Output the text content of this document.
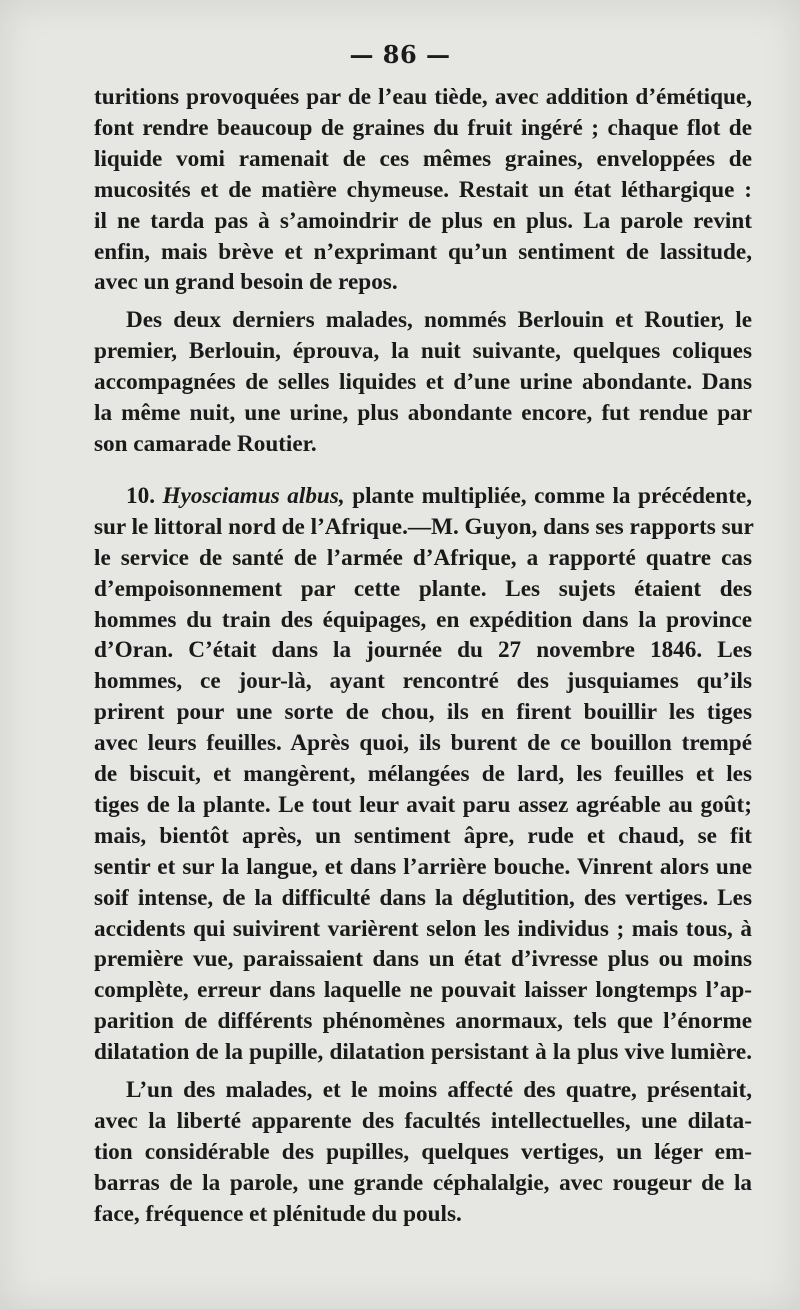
— 86 —
turitions provoquées par de l’eau tiède, avec addition d’émétique,
font rendre beaucoup de graines du fruit ingéré ; chaque flot de
liquide vomi ramenait de ces mêmes graines, enveloppées de
mucosités et de matière chymeuse. Restait un état léthargique :
il ne tarda pas à s’amoindrir de plus en plus. La parole revint
enfin, mais brève et n’exprimant qu’un sentiment de lassitude,
avec un grand besoin de repos.
Des deux derniers malades, nommés Berlouin et Routier, le
premier, Berlouin, éprouva, la nuit suivante, quelques coliques
accompagnées de selles liquides et d’une urine abondante. Dans
la même nuit, une urine, plus abondante encore, fut rendue par
son camarade Routier.
10. Hyosciamus albus, plante multipliée, comme la précédente,
sur le littoral nord de l’Afrique.—M. Guyon, dans ses rapports sur
le service de santé de l’armée d’Afrique, a rapporté quatre cas
d’empoisonnement par cette plante. Les sujets étaient des
hommes du train des équipages, en expédition dans la province
d’Oran. C’était dans la journée du 27 novembre 1846. Les
hommes, ce jour-là, ayant rencontré des jusquiames qu’ils
prirent pour une sorte de chou, ils en firent bouillir les tiges
avec leurs feuilles. Après quoi, ils burent de ce bouillon trempé
de biscuit, et mangèrent, mélangées de lard, les feuilles et les
tiges de la plante. Le tout leur avait paru assez agréable au goût;
mais, bientôt après, un sentiment âpre, rude et chaud, se fit
sentir et sur la langue, et dans l’arrière bouche. Vinrent alors une
soif intense, de la difficulté dans la déglutition, des vertiges. Les
accidents qui suivirent varièrent selon les individus ; mais tous, à
première vue, paraissaient dans un état d’ivresse plus ou moins
complète, erreur dans laquelle ne pouvait laisser longtemps l’ap-
parition de différents phénomènes anormaux, tels que l’énorme
dilatation de la pupille, dilatation persistant à la plus vive lumière.
L’un des malades, et le moins affecté des quatre, présentait,
avec la liberté apparente des facultés intellectuelles, une dilata-
tion considérable des pupilles, quelques vertiges, un léger em-
barras de la parole, une grande céphalalgie, avec rougeur de la
face, fréquence et plénitude du pouls.
